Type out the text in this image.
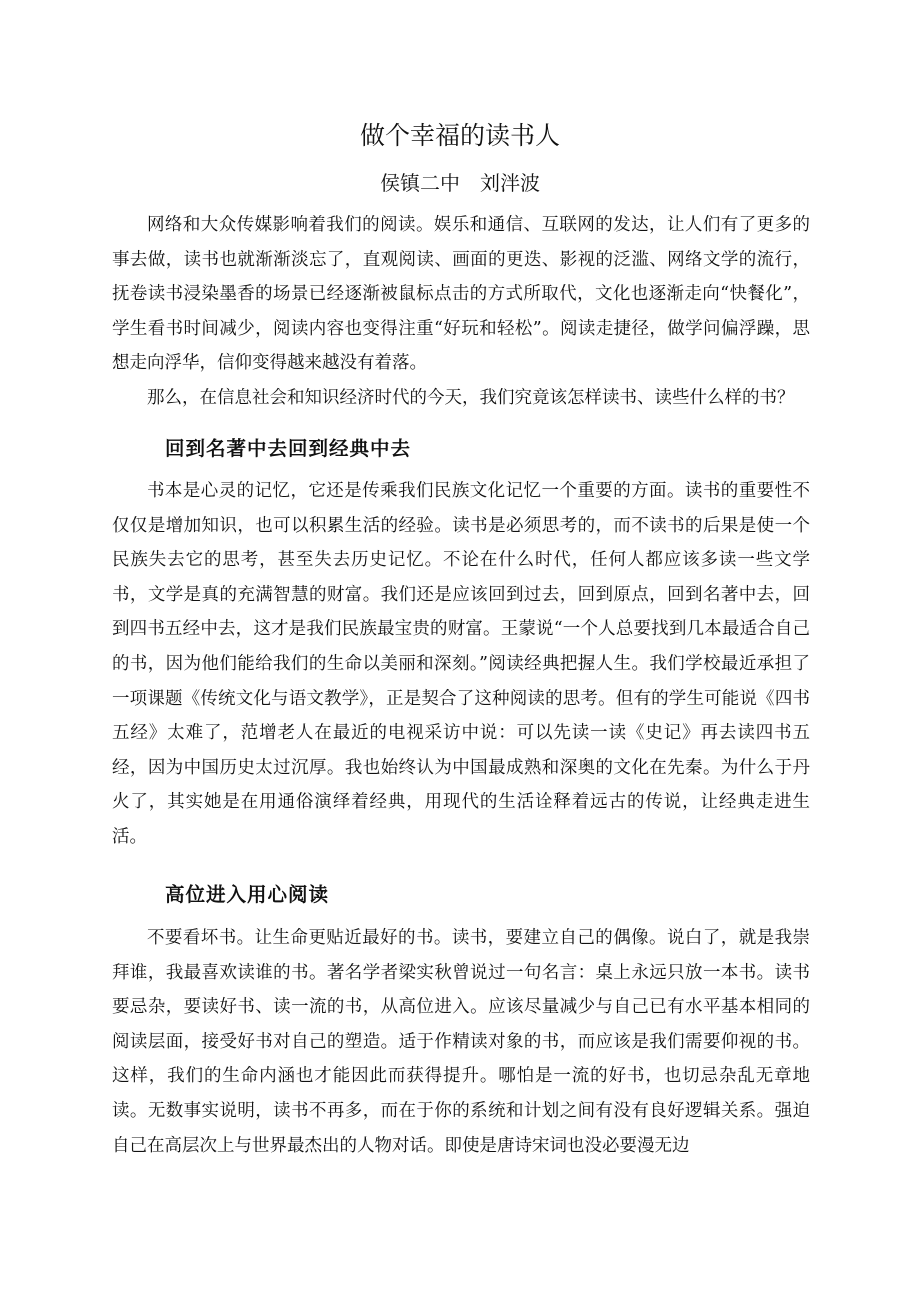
做个幸福的读书人
侯镇二中　刘泮波

网络和大众传媒影响着我们的阅读。娱乐和通信、互联网的发达，让人们有了更多的事去做，读书也就渐渐淡忘了，直观阅读、画面的更迭、影视的泛滥、网络文学的流行，抚卷读书浸染墨香的场景已经逐渐被鼠标点击的方式所取代，文化也逐渐走向“快餐化”，学生看书时间减少，阅读内容也变得注重“好玩和轻松”。阅读走捷径，做学问偏浮躁，思想走向浮华，信仰变得越来越没有着落。

那么，在信息社会和知识经济时代的今天，我们究竟该怎样读书、读些什么样的书？

回到名著中去回到经典中去

书本是心灵的记忆，它还是传乘我们民族文化记忆一个重要的方面。读书的重要性不仅仅是增加知识，也可以积累生活的经验。读书是必须思考的，而不读书的后果是使一个民族失去它的思考，甚至失去历史记忆。不论在什么时代，任何人都应该多读一些文学书，文学是真的充满智慧的财富。我们还是应该回到过去，回到原点，回到名著中去，回到四书五经中去，这才是我们民族最宝贵的财富。王蒙说“一个人总要找到几本最适合自己的书，因为他们能给我们的生命以美丽和深刻。”阅读经典把握人生。我们学校最近承担了一项课题《传统文化与语文教学》，正是契合了这种阅读的思考。但有的学生可能说《四书五经》太难了，范增老人在最近的电视采访中说：可以先读一读《史记》再去读四书五经，因为中国历史太过沉厚。我也始终认为中国最成熟和深奥的文化在先秦。为什么于丹火了，其实她是在用通俗演绎着经典，用现代的生活诠释着远古的传说，让经典走进生活。

高位进入用心阅读

不要看坏书。让生命更贴近最好的书。读书，要建立自己的偶像。说白了，就是我崇拜谁，我最喜欢读谁的书。著名学者梁实秋曾说过一句名言：桌上永远只放一本书。读书要忌杂，要读好书、读一流的书，从高位进入。应该尽量减少与自己已有水平基本相同的阅读层面，接受好书对自己的塑造。适于作精读对象的书，而应该是我们需要仰视的书。这样，我们的生命内涵也才能因此而获得提升。哪怕是一流的好书，也切忌杂乱无章地读。无数事实说明，读书不再多，而在于你的系统和计划之间有没有良好逻辑关系。强迫自己在高层次上与世界最杰出的人物对话。即使是唐诗宋词也没必要漫无边
